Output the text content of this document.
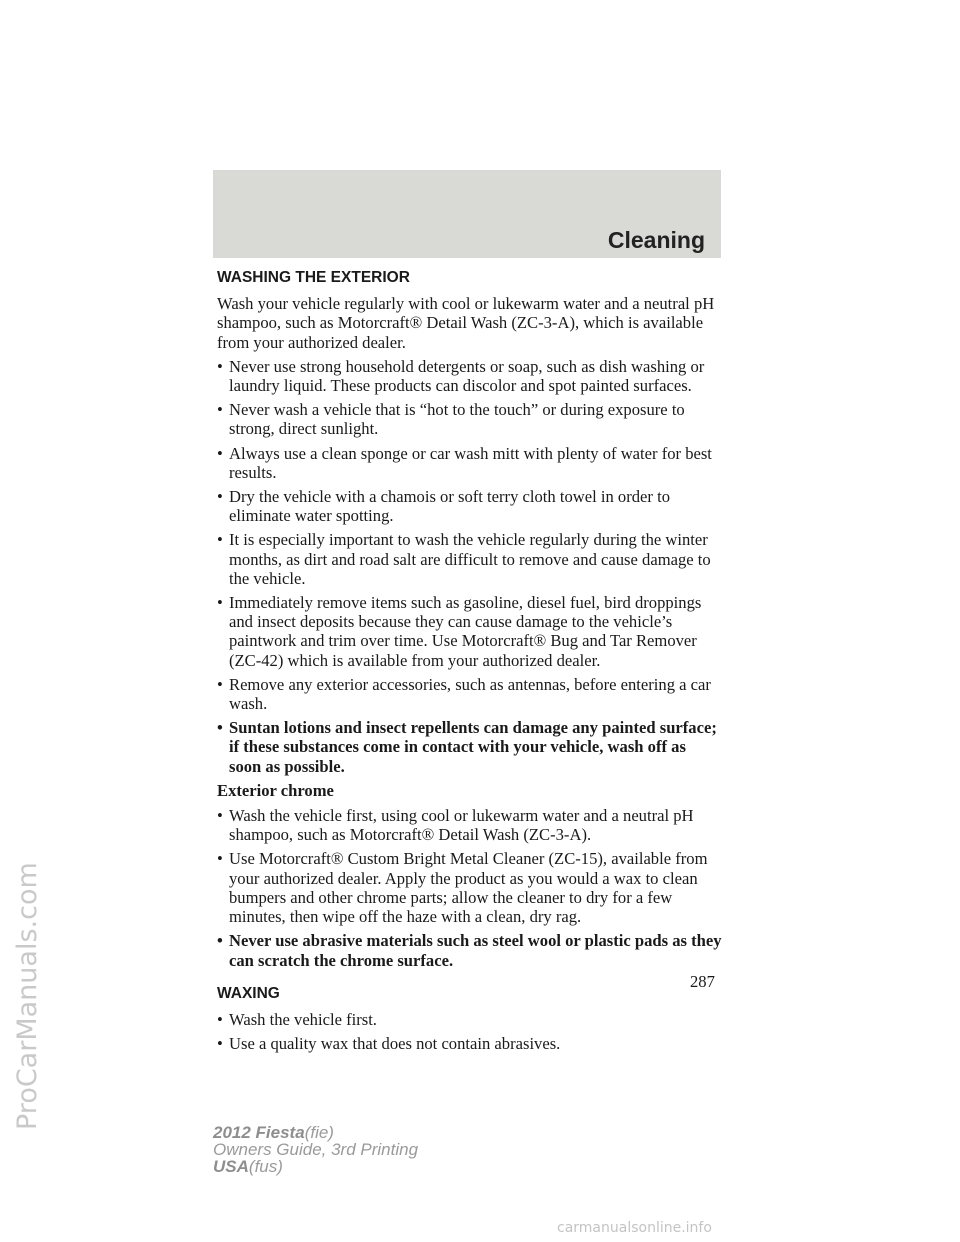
Cleaning
ProCarManuals.com
WASHING THE EXTERIOR

Wash your vehicle regularly with cool or lukewarm water and a neutral pH shampoo, such as Motorcraft® Detail Wash (ZC-3-A), which is available from your authorized dealer.

• Never use strong household detergents or soap, such as dish washing or laundry liquid. These products can discolor and spot painted surfaces.
• Never wash a vehicle that is “hot to the touch” or during exposure to strong, direct sunlight.
• Always use a clean sponge or car wash mitt with plenty of water for best results.
• Dry the vehicle with a chamois or soft terry cloth towel in order to eliminate water spotting.
• It is especially important to wash the vehicle regularly during the winter months, as dirt and road salt are difficult to remove and cause damage to the vehicle.
• Immediately remove items such as gasoline, diesel fuel, bird droppings and insect deposits because they can cause damage to the vehicle’s paintwork and trim over time. Use Motorcraft® Bug and Tar Remover (ZC-42) which is available from your authorized dealer.
• Remove any exterior accessories, such as antennas, before entering a car wash.
• Suntan lotions and insect repellents can damage any painted surface; if these substances come in contact with your vehicle, wash off as soon as possible.
Exterior chrome
• Wash the vehicle first, using cool or lukewarm water and a neutral pH shampoo, such as Motorcraft® Detail Wash (ZC-3-A).
• Use Motorcraft® Custom Bright Metal Cleaner (ZC-15), available from your authorized dealer. Apply the product as you would a wax to clean bumpers and other chrome parts; allow the cleaner to dry for a few minutes, then wipe off the haze with a clean, dry rag.
• Never use abrasive materials such as steel wool or plastic pads as they can scratch the chrome surface.
WAXING
• Wash the vehicle first.
• Use a quality wax that does not contain abrasives.
287
2012 Fiesta(fie)
Owners Guide, 3rd Printing
USA(fus)
carmanualsonline.info
